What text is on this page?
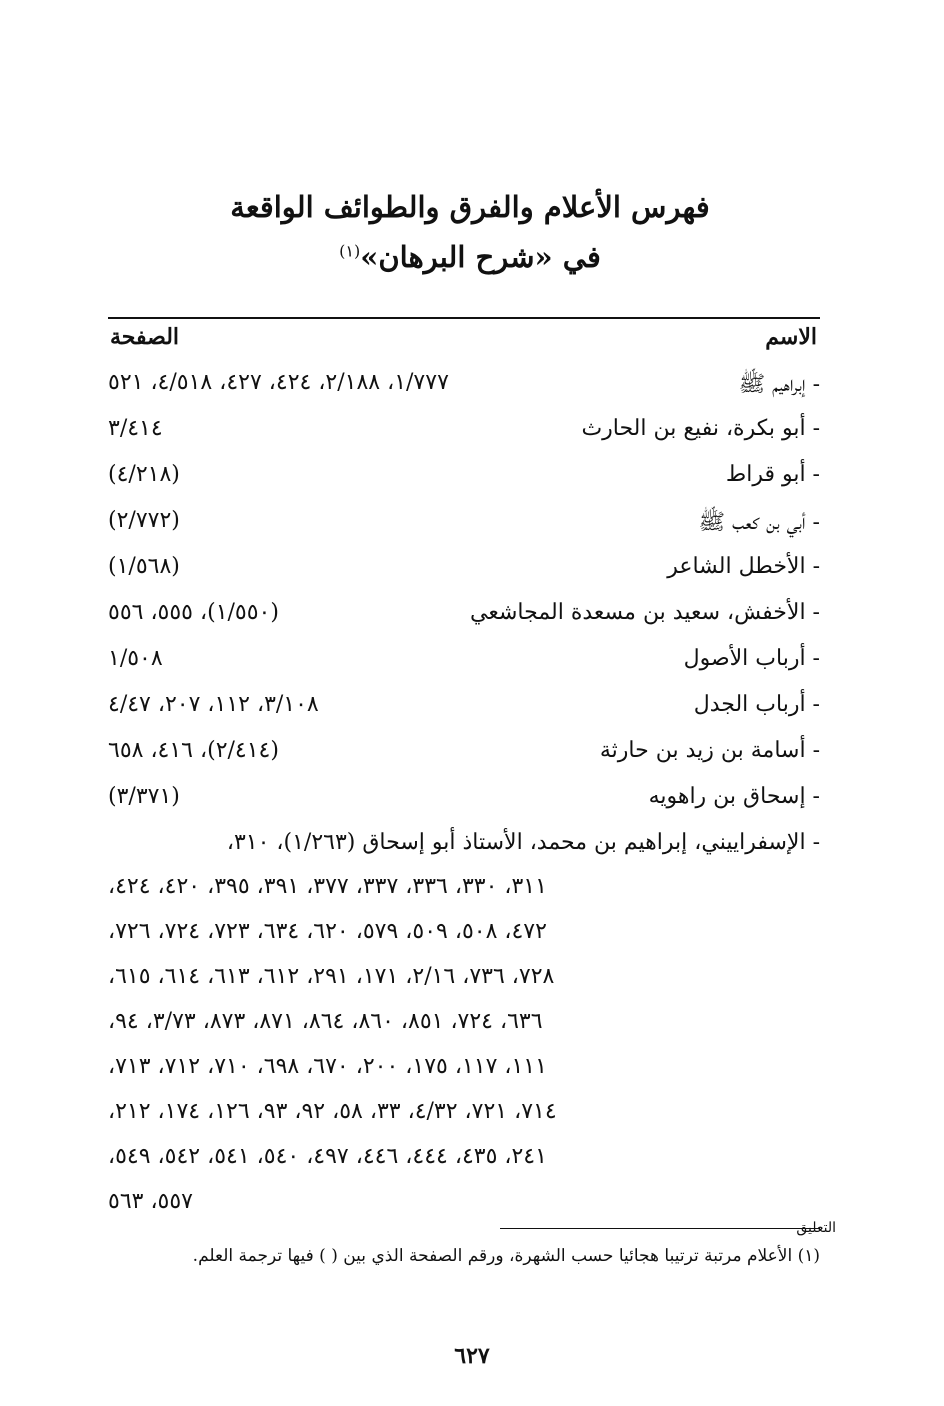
فهرس الأعلام والفرق والطوائف الواقعة
في «شرح البرهان»$^{(١)}$
الاسم
الصفحة
- إبراهيم ﷺ
١/٧٧٧، ٢/١٨٨، ٤٢٤، ٤٢٧، ٤/٥١٨، ٥٢١
- أبو بكرة، نفيع بن الحارث
٣/٤١٤
- أبو قراط
(٤/٢١٨)
- أبي بن كعب ﷺ
(٢/٧٧٢)
- الأخطل الشاعر
(١/٥٦٨)
- الأخفش، سعيد بن مسعدة المجاشعي
(١/٥٥٠)، ٥٥٥، ٥٥٦
- أرباب الأصول
١/٥٠٨
- أرباب الجدل
٣/١٠٨، ١١٢، ٢٠٧، ٤/٤٧
- أسامة بن زيد بن حارثة
(٢/٤١٤)، ٤١٦، ٦٥٨
- إسحاق بن راهويه
(٣/٣٧١)
- الإسفراييني، إبراهيم بن محمد، الأستاذ أبو إسحاق (١/٢٦٣)، ٣١٠،
٣١١، ٣٣٠، ٣٣٦، ٣٣٧، ٣٧٧، ٣٩١، ٣٩٥، ٤٢٠، ٤٢٤،
٤٧٢، ٥٠٨، ٥٠٩، ٥٧٩، ٦٢٠، ٦٣٤، ٧٢٣، ٧٢٤، ٧٢٦،
٧٢٨، ٧٣٦، ٢/١٦، ١٧١، ٢٩١، ٦١٢، ٦١٣، ٦١٤، ٦١٥،
٦٣٦، ٧٢٤، ٨٥١، ٨٦٠، ٨٦٤، ٨٧١، ٨٧٣، ٣/٧٣، ٩٤،
١١١، ١١٧، ١٧٥، ٢٠٠، ٦٧٠، ٦٩٨، ٧١٠، ٧١٢، ٧١٣،
٧١٤، ٧٢١، ٤/٣٢، ٣٣، ٥٨، ٩٢، ٩٣، ١٢٦، ١٧٤، ٢١٢،
٢٤١، ٤٣٥، ٤٤٤، ٤٤٦، ٤٩٧، ٥٤٠، ٥٤١، ٥٤٢، ٥٤٩،
٥٥٧، ٥٦٣
التعليق
(١) الأعلام مرتبة ترتيبا هجائيا حسب الشهرة، ورقم الصفحة الذي بين ( ) فيها ترجمة العلم.
٦٢٧
